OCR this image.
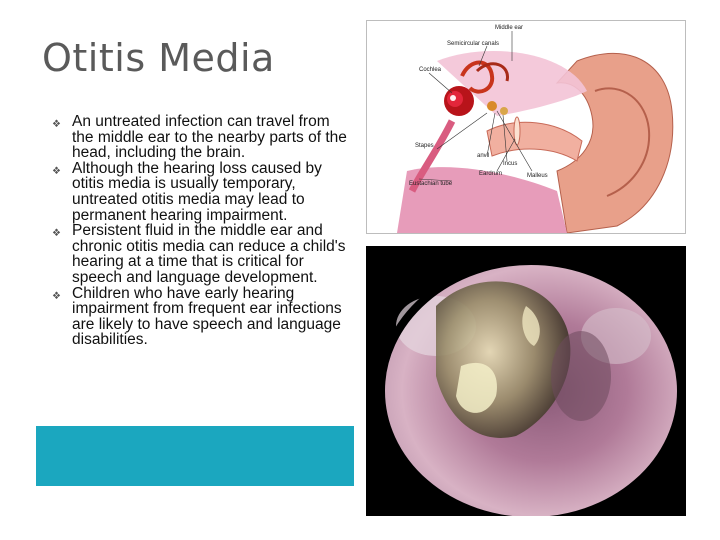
Otitis Media
❖ An untreated infection can travel from the middle ear to the nearby parts of the head, including the brain.
❖ Although the hearing loss caused by otitis media is usually temporary, untreated otitis media may lead to permanent hearing impairment.
❖ Persistent fluid in the middle ear and chronic otitis media can reduce a child's hearing at a time that is critical for speech and language development.
❖ Children who have early hearing impairment from frequent ear infections are likely to have speech and language disabilities.
Middle ear
Semicircular canals
Cochlea
Stapes
anvil
Incus
Eardrum	Malleus
Eustachian tube
